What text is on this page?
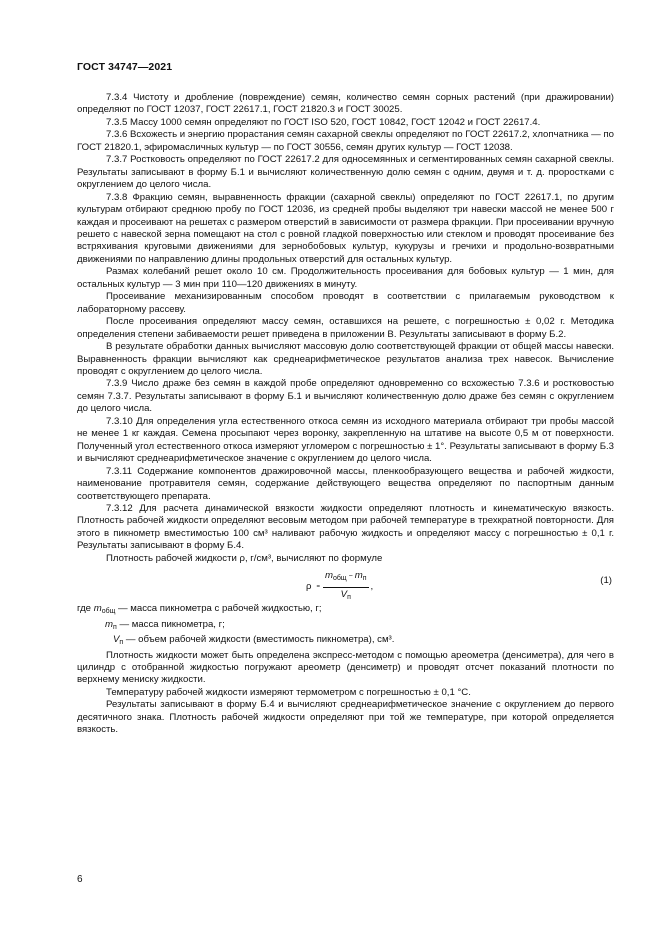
ГОСТ 34747—2021

7.3.4 Чистоту и дробление (повреждение) семян, количество семян сорных растений (при дражировании) определяют по ГОСТ 12037, ГОСТ 22617.1, ГОСТ 21820.3 и ГОСТ 30025.

7.3.5 Массу 1000 семян определяют по ГОСТ ISO 520, ГОСТ 10842, ГОСТ 12042 и ГОСТ 22617.4.

7.3.6 Всхожесть и энергию прорастания семян сахарной свеклы определяют по ГОСТ 22617.2, хлопчатника — по ГОСТ 21820.1, эфиромасличных культур — по ГОСТ 30556, семян других культур — ГОСТ 12038.

7.3.7 Ростковость определяют по ГОСТ 22617.2 для односемянных и сегментированных семян сахарной свеклы. Результаты записывают в форму Б.1 и вычисляют количественную долю семян с одним, двумя и т. д. проростками с округлением до целого числа.

7.3.8 Фракцию семян, выравненность фракции (сахарной свеклы) определяют по ГОСТ 22617.1, по другим культурам отбирают среднюю пробу по ГОСТ 12036, из средней пробы выделяют три навески массой не менее 500 г каждая и просеивают на решетах с размером отверстий в зависимости от размера фракции. При просеивании вручную решето с навеской зерна помещают на стол с ровной гладкой поверхностью или стеклом и проводят просеивание без встряхивания круговыми движениями для зернобобовых культур, кукурузы и гречихи и продольно-возвратными движениями по направлению длины продольных отверстий для остальных культур.

Размах колебаний решет около 10 см. Продолжительность просеивания для бобовых культур — 1 мин, для остальных культур — 3 мин при 110—120 движениях в минуту.

Просеивание механизированным способом проводят в соответствии с прилагаемым руководством к лабораторному рассеву.

После просеивания определяют массу семян, оставшихся на решете, с погрешностью ± 0,02 г. Методика определения степени забиваемости решет приведена в приложении В. Результаты записывают в форму Б.2.

В результате обработки данных вычисляют массовую долю соответствующей фракции от общей массы навески. Выравненность фракции вычисляют как среднеарифметическое результатов анализа трех навесок. Вычисление проводят с округлением до целого числа.

7.3.9 Число драже без семян в каждой пробе определяют одновременно со всхожестью 7.3.6 и ростковостью семян 7.3.7. Результаты записывают в форму Б.1 и вычисляют количественную долю драже без семян с округлением до целого числа.

7.3.10 Для определения угла естественного откоса семян из исходного материала отбирают три пробы массой не менее 1 кг каждая. Семена просыпают через воронку, закрепленную на штативе на высоте 0,5 м от поверхности. Полученный угол естественного откоса измеряют угломером с погрешностью ± 1°. Результаты записывают в форму Б.3 и вычисляют среднеарифметическое значение с округлением до целого числа.

7.3.11 Содержание компонентов дражировочной массы, пленкообразующего вещества и рабочей жидкости, наименование протравителя семян, содержание действующего вещества определяют по паспортным данным соответствующего препарата.

7.3.12 Для расчета динамической вязкости жидкости определяют плотность и кинематическую вязкость. Плотность рабочей жидкости определяют весовым методом при рабочей температуре в трехкратной повторности. Для этого в пикнометр вместимостью 100 см³ наливают рабочую жидкость и определяют массу с погрешностью ± 0,1 г. Результаты записывают в форму Б.4.

Плотность рабочей жидкости ρ, г/см³, вычисляют по формуле

$\rho = \frac{m_{общ} - m_п}{V_п}$ ,
(1)
где $m_{общ}$ — масса пикнометра с рабочей жидкостью, г;
$m_п$ — масса пикнометра, г;
$V_п$ — объем рабочей жидкости (вместимость пикнометра), см³.

Плотность жидкости может быть определена экспресс-методом с помощью ареометра (денсиметра), для чего в цилиндр с отобранной жидкостью погружают ареометр (денсиметр) и проводят отсчет показаний плотности по верхнему мениску жидкости.

Температуру рабочей жидкости измеряют термометром с погрешностью ± 0,1 °С.

Результаты записывают в форму Б.4 и вычисляют среднеарифметическое значение с округлением до первого десятичного знака. Плотность рабочей жидкости определяют при той же температуре, при которой определяется вязкость.

6
